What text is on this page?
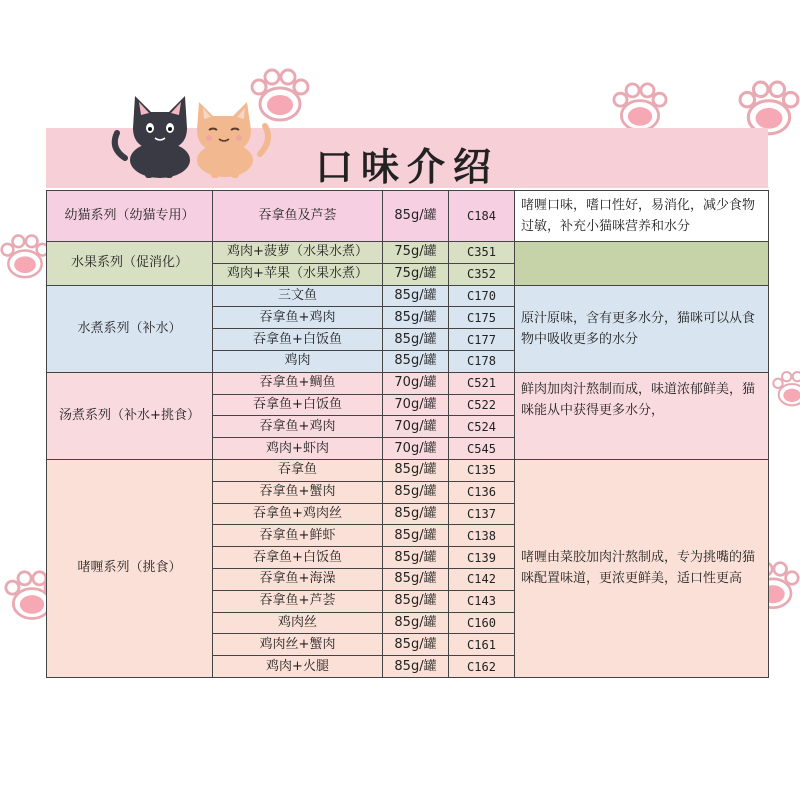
口味介绍
幼猫系列（幼猫专用）	吞拿鱼及芦荟	85g/罐	C184	啫喱口味，嗜口性好，易消化，减少食物过敏，补充小猫咪营养和水分
水果系列（促消化）	鸡肉+菠萝（水果水煮）	75g/罐	C351	
	鸡肉+苹果（水果水煮）	75g/罐	C352	
水煮系列（补水）	三文鱼	85g/罐	C170	原汁原味，含有更多水分，猫咪可以从食物中吸收更多的水分
	吞拿鱼+鸡肉	85g/罐	C175	
	吞拿鱼+白饭鱼	85g/罐	C177	
	鸡肉	85g/罐	C178	
汤煮系列（补水+挑食）	吞拿鱼+鲷鱼	70g/罐	C521	鲜肉加肉汁熬制而成，味道浓郁鲜美，猫咪能从中获得更多水分，
	吞拿鱼+白饭鱼	70g/罐	C522	
	吞拿鱼+鸡肉	70g/罐	C524	
	鸡肉+虾肉	70g/罐	C545	
啫喱系列（挑食）	吞拿鱼	85g/罐	C135	啫喱由菜胶加肉汁熬制成，专为挑嘴的猫咪配置味道，更浓更鲜美，适口性更高
	吞拿鱼+蟹肉	85g/罐	C136	
	吞拿鱼+鸡肉丝	85g/罐	C137	
	吞拿鱼+鲜虾	85g/罐	C138	
	吞拿鱼+白饭鱼	85g/罐	C139	
	吞拿鱼+海澡	85g/罐	C142	
	吞拿鱼+芦荟	85g/罐	C143	
	鸡肉丝	85g/罐	C160	
	鸡肉丝+蟹肉	85g/罐	C161	
	鸡肉+火腿	85g/罐	C162	
